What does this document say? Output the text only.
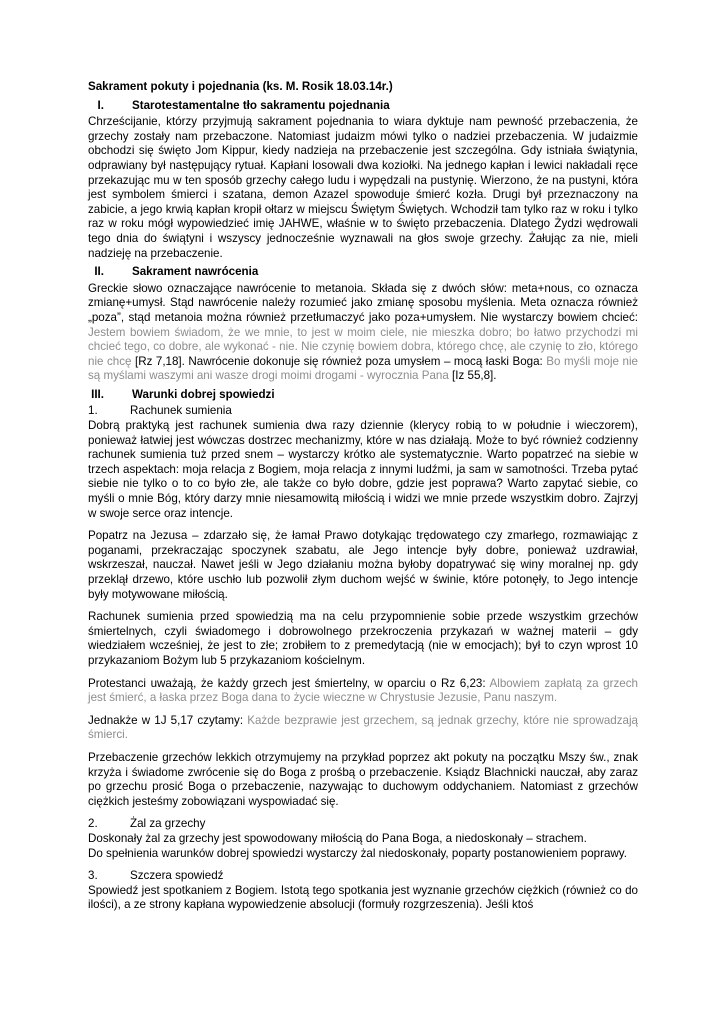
Sakrament pokuty i pojednania (ks. M. Rosik 18.03.14r.)

I.	Starotestamentalne tło sakramentu pojednania

Chrześcijanie, którzy przyjmują sakrament pojednania to wiara dyktuje nam pewność przebaczenia, że grzechy zostały nam przebaczone. Natomiast judaizm mówi tylko o nadziei przebaczenia. W judaizmie obchodzi się święto Jom Kippur, kiedy nadzieja na przebaczenie jest szczególna. Gdy istniała świątynia, odprawiany był następujący rytuał. Kapłani losowali dwa koziołki. Na jednego kapłan i lewici nakładali ręce przekazując mu w ten sposób grzechy całego ludu i wypędzali na pustynię. Wierzono, że na pustyni, która jest symbolem śmierci i szatana, demon Azazel spowoduje śmierć kozła. Drugi był przeznaczony na zabicie, a jego krwią kapłan kropił ołtarz w miejscu Świętym Świętych. Wchodził tam tylko raz w roku i tylko raz w roku mógł wypowiedzieć imię JAHWE, właśnie w to święto przebaczenia. Dlatego Żydzi wędrowali tego dnia do świątyni i wszyscy jednocześnie wyznawali na głos swoje grzechy. Żałując za nie, mieli nadzieję na przebaczenie.

II.	Sakrament nawrócenia

Greckie słowo oznaczające nawrócenie to metanoia. Składa się z dwóch słów: meta+nous, co oznacza zmianę+umysł. Stąd nawrócenie należy rozumieć jako zmianę sposobu myślenia. Meta oznacza również „poza”, stąd metanoia można również przetłumaczyć jako poza+umysłem. Nie wystarczy bowiem chcieć: Jestem bowiem świadom, że we mnie, to jest w moim ciele, nie mieszka dobro; bo łatwo przychodzi mi chcieć tego, co dobre, ale wykonać - nie. Nie czynię bowiem dobra, którego chcę, ale czynię to zło, którego nie chcę [Rz 7,18]. Nawrócenie dokonuje się również poza umysłem – mocą łaski Boga: Bo myśli moje nie są myślami waszymi ani wasze drogi moimi drogami - wyrocznia Pana [Iz 55,8].

III.	Warunki dobrej spowiedzi
1.	Rachunek sumienia

Dobrą praktyką jest rachunek sumienia dwa razy dziennie (klerycy robią to w południe i wieczorem), ponieważ łatwiej jest wówczas dostrzec mechanizmy, które w nas działają. Może to być również codzienny rachunek sumienia tuż przed snem – wystarczy krótko ale systematycznie. Warto popatrzeć na siebie w trzech aspektach: moja relacja z Bogiem, moja relacja z innymi ludźmi, ja sam w samotności. Trzeba pytać siebie nie tylko o to co było złe, ale także co było dobre, gdzie jest poprawa? Warto zapytać siebie, co myśli o mnie Bóg, który darzy mnie niesamowitą miłością i widzi we mnie przede wszystkim dobro. Zajrzyj w swoje serce oraz intencje.

Popatrz na Jezusa – zdarzało się, że łamał Prawo dotykając trędowatego czy zmarłego, rozmawiając z poganami, przekraczając spoczynek szabatu, ale Jego intencje były dobre, ponieważ uzdrawiał, wskrzeszał, nauczał. Nawet jeśli w Jego działaniu można byłoby dopatrywać się winy moralnej np. gdy przeklął drzewo, które uschło lub pozwolił złym duchom wejść w świnie, które potonęły, to Jego intencje były motywowane miłością.

Rachunek sumienia przed spowiedzią ma na celu przypomnienie sobie przede wszystkim grzechów śmiertelnych, czyli świadomego i dobrowolnego przekroczenia przykazań w ważnej materii – gdy wiedziałem wcześniej, że jest to złe; zrobiłem to z premedytacją (nie w emocjach); był to czyn wprost 10 przykazaniom Bożym lub 5 przykazaniom kościelnym.

Protestanci uważają, że każdy grzech jest śmiertelny, w oparciu o Rz 6,23: Albowiem zapłatą za grzech jest śmierć, a łaska przez Boga dana to życie wieczne w Chrystusie Jezusie, Panu naszym.

Jednakże w 1J 5,17 czytamy: Każde bezprawie jest grzechem, są jednak grzechy, które nie sprowadzają śmierci.

Przebaczenie grzechów lekkich otrzymujemy na przykład poprzez akt pokuty na początku Mszy św., znak krzyża i świadome zwrócenie się do Boga z prośbą o przebaczenie. Ksiądz Blachnicki nauczał, aby zaraz po grzechu prosić Boga o przebaczenie, nazywając to duchowym oddychaniem. Natomiast z grzechów ciężkich jesteśmy zobowiązani wyspowiadać się.

2.	Żal za grzechy

Doskonały żal za grzechy jest spowodowany miłością do Pana Boga, a niedoskonały – strachem.

Do spełnienia warunków dobrej spowiedzi wystarczy żal niedoskonały, poparty postanowieniem poprawy.

3.	Szczera spowiedź

Spowiedź jest spotkaniem z Bogiem. Istotą tego spotkania jest wyznanie grzechów ciężkich (również co do ilości), a ze strony kapłana wypowiedzenie absolucji (formuły rozgrzeszenia). Jeśli ktoś
